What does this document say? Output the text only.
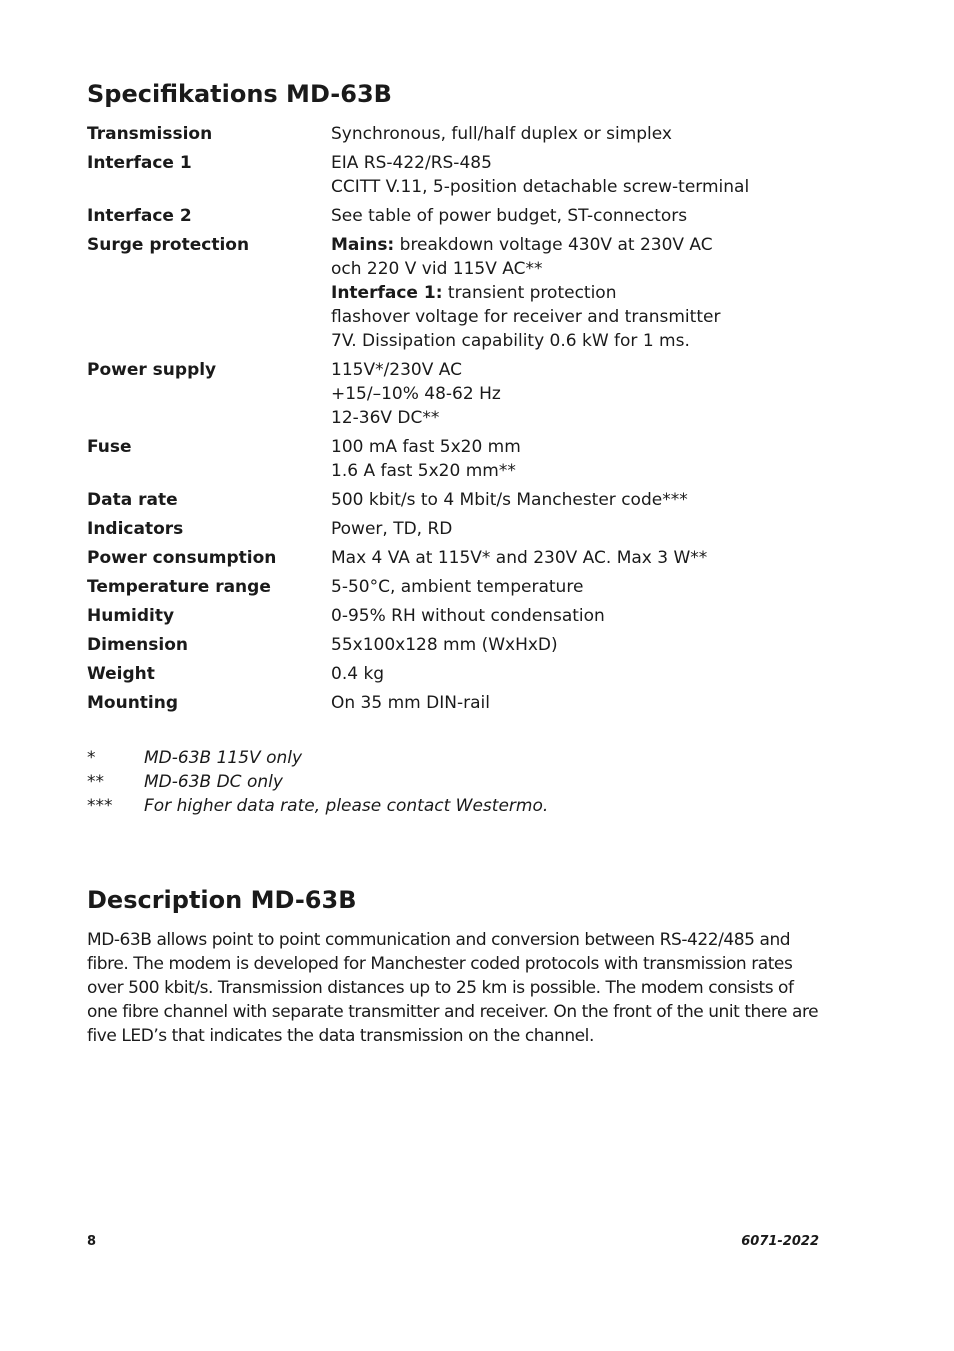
Specifikations MD-63B
Transmission	Synchronous, full/half duplex or simplex
Interface 1	EIA RS-422/RS-485
CCITT V.11, 5-position detachable screw-terminal
Interface 2	See table of power budget, ST-connectors
Surge protection	Mains: breakdown voltage 430V at 230V AC
och 220 V vid 115V AC**
Interface 1: transient protection
flashover voltage for receiver and transmitter
7V. Dissipation capability 0.6 kW for 1 ms.
Power supply	115V*/230V AC
+15/–10% 48-62 Hz
12-36V DC**
Fuse	100 mA fast 5x20 mm
1.6 A fast 5x20 mm**
Data rate	500 kbit/s to 4 Mbit/s Manchester code***
Indicators	Power, TD, RD
Power consumption	Max 4 VA at 115V* and 230V AC. Max 3 W**
Temperature range	5-50°C, ambient temperature
Humidity	0-95% RH without condensation
Dimension	55x100x128 mm (WxHxD)
Weight	0.4 kg
Mounting	On 35 mm DIN-rail
*	MD-63B 115V only
**	MD-63B DC only
***	For higher data rate, please contact Westermo.
Description MD-63B

MD-63B allows point to point communication and conversion between RS-422/485 and fibre. The modem is developed for Manchester coded protocols with transmission rates over 500 kbit/s. Transmission distances up to 25 km is possible. The modem consists of one fibre channel with separate transmitter and receiver. On the front of the unit there are five LED’s that indicates the data transmission on the channel.

8	6071-2022
